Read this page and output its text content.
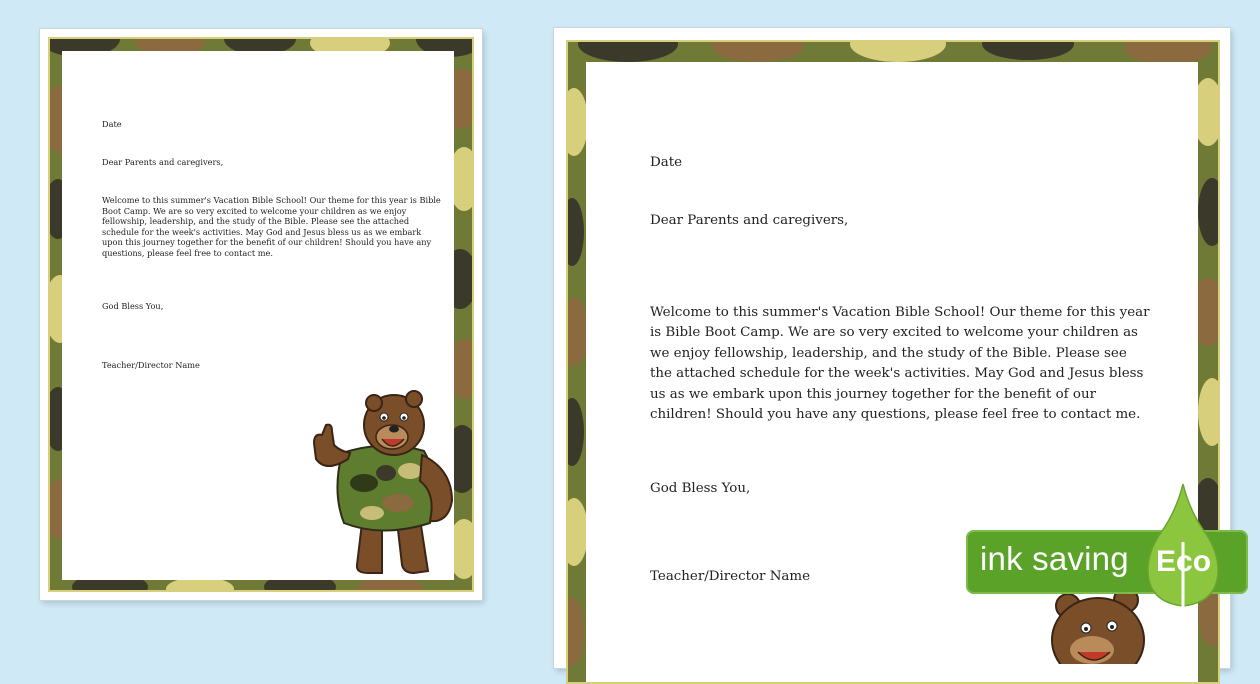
Date

Dear Parents and caregivers,

Welcome to this summer's Vacation Bible School! Our theme for this year is Bible Boot Camp. We are so very excited to welcome your children as we enjoy fellowship, leadership, and the study of the Bible. Please see the attached schedule for the week's activities. May God and Jesus bless us as we embark upon this journey together for the benefit of our children! Should you have any questions, please feel free to contact me.

God Bless You,

Teacher/Director Name

Date

Dear Parents and caregivers,

Welcome to this summer's Vacation Bible School! Our theme for this year is Bible Boot Camp. We are so very excited to welcome your children as we enjoy fellowship, leadership, and the study of the Bible. Please see the attached schedule for the week's activities. May God and Jesus bless us as we embark upon this journey together for the benefit of our children! Should you have any questions, please feel free to contact me.

God Bless You,

Teacher/Director Name	ink saving Eco
